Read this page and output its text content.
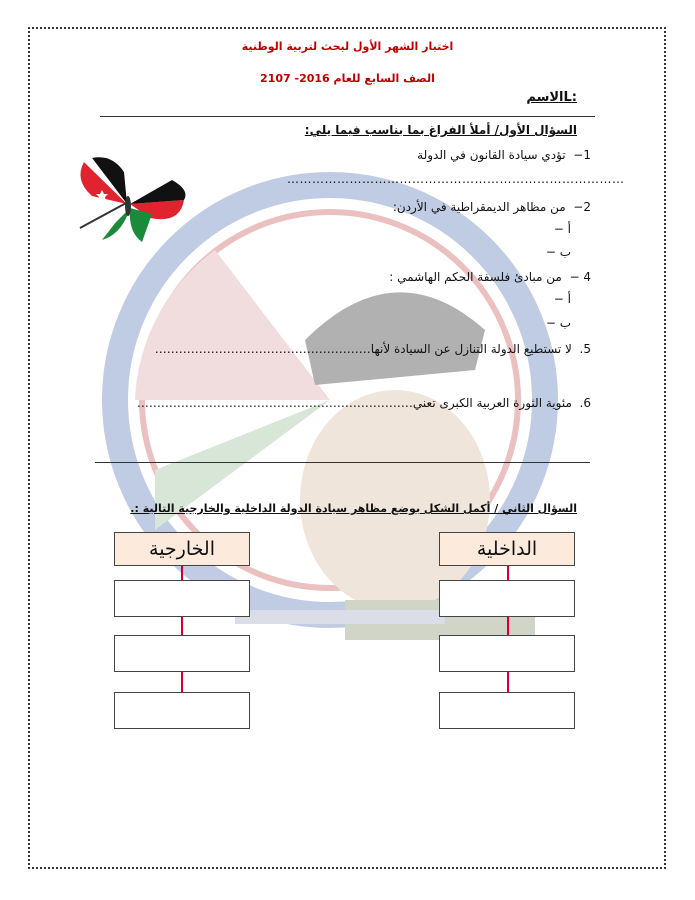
اختبار الشهر الأول لبحث لتربية الوطنية
الصف السابع للعام 2016- 2107
:Lالاسم
السؤال الأول/ أملأ الفراغ بما بناسب فيما يلي:
1−  تؤدي سيادة القانون في الدولة
………………………………………………………………………
2−  من مظاهر الديمقراطية في الأردن:
أ −
ب −
4 −  من مبادئ فلسفة الحكم الهاشمي :
أ −
ب −
5.  لا تستطيع الدولة التنازل عن السيادة لأنها………………………………………………
6.  مئوية الثورة العربية الكبرى تعني……………………………………………………………
السؤال الثاني / أكمل الشكل بوضع مظاهر سيادة الدولة الداخلية والخارجية التالية :.
الداخلية
الخارجية
